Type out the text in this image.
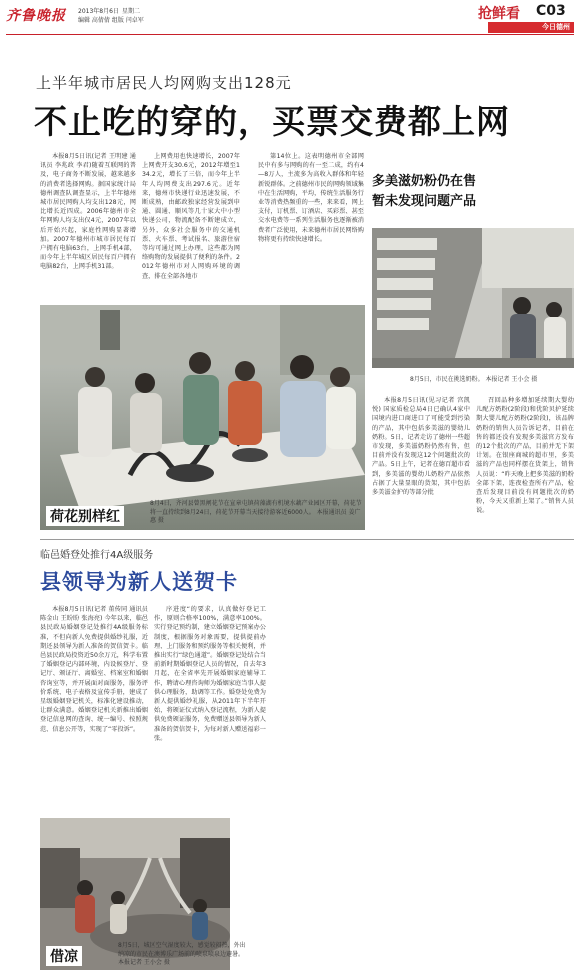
齐鲁晚报 2013年8月6日 星期二
编辑 高倩倩 组版 闫卓军	抢鲜看 C03
今日德州
上半年城市居民人均网购支出128元
不止吃的穿的，买票交费都上网

本报8月5日讯(记者 王明建 通讯员 李兆政 李君)随着互联网的普及，电子商务不断发展，越来越多的消费者选择网购。据国家统计局德州调查队调查显示，上半年德州城市居民网购人均支出128元，网比增长近四成。2006年德州市全年网购人均支出仅4元，2007年以后开始兴起，家庭性网购显著增加。2007年德州市城市居民每百户拥有电脑63台，上网手机4部，而今年上半年城区居民每百户拥有电脑82台，上网手机31部。

上网费用也快速增长，2007年上网费开支30.6元，2012年增至134.2元，增长了三倍，而今年上半年人均网费支出297.6元。近年来，德州市快递行业迅速发展，不断成熟，由邮政独家经营发展到申通、圆通、顺风等几十家大中小型快递公司，物流配备不断建成立，另外，众多社会服务中的交通机票、火车票、考试报名、旅游住宿等均可通过网上办理，这些都为网络购物的发展提供了便利的条件。2012年德州市对人网购环境的调查，排在全部各地市

第14位上。这表明德州市全部网民中有多与网购的有一至二成，约有4—8万人，主流多为高收入群体和年轻新锐群体。之前德州市民的网购领域集中在生活网购，平均，传统生活服务行业等消费热频重的一些，来来看，网上支付，订机票、订酒店、买彩票、甚至交水电费等一系列生活服务也逐渐被消费者广泛使用，未来德州市居民网络购物将更有持续快速增长。

荷花别样红
8月4日，齐河县曾黑闸花节在宣章屯镇荷藻湖有机境水藕产业园区开幕，荷花节将一直持续到8月24日，荷花节开幕当天接待游客近6000人。 本报通讯员 姜广惠 摄
多美滋奶粉仍在售
暂未发现问题产品
8月5日，市民在挑选奶粉。 本报记者 王小会 摄

本报8月5日讯(见习记者 宫凯悦) 国家质检总局4日已确认4家中国境内进口商进口了可能受到污染的产品，其中包括多美滋的婴幼儿奶粉。5日，记者走访了德州一些超市发现，多美滋奶粉仍然有售，但目前并没有发现这12个问题批次的产品。5日上午，记者在德百超市看到，多美滋的婴幼儿奶粉产品依然占据了大量显眼的货架，其中包括多美滋金护的等部分批

召回品种多增加延续期大婴幼儿配方奶粉(2阶段)和优阶贝护延续期大婴儿配方奶粉(2阶段)，该品牌奶粉的销售人员告诉记者，目前在售的都还没有发现多美滋官方发布的12个批次的产品，目前并无下架计划。在银座商城的超市里，多美滋的产品也同样摆在货架上，销售人员说：“昨天晚上把多美滋的奶粉全部下架，连夜检查所有产品，检查后发现目前没有问题批次的奶粉，今天又重新上架了。”销售人员说。

临邑婚登处推行4A级服务
县领导为新人送贺卡

本报8月5日讯(记者 董传同 通讯员 陈金山 王盼盼 张海亮) 今年以来，临邑县民政局婚姻登记处推行4A级服务标准，不但向新人免费提供婚纱礼服，近期还县领导为新人准备的贺信贺卡。临邑县民政局投资近50余万元，科学布置了婚姻登记内部环境，内设候登厅、登记厅、颁证厅、离婚室、档案室和婚姻咨询室等，并开展面对面服务，服务评价系统、电子表格及宣传手册，建成了星级婚姻登记机关，标准化建设推动，让群众满意。婚姻登记机关新推出婚姻登记信息网的查询、统一编号、按照规范、信息公开等，实现了“零投诉”。

序进度“的要求，认真做好登记工作，原则合格率100%，满意率100%。实行登记预约制，建立婚姻登记预案办公制度，根据服务对象需要，提供提前办理、上门服务和预约服务等相关便利，并推出实行“绿色通道”。婚姻登记处结合当前新时期婚姻登记人员的情况，自去年3月起，在全省率先开展婚姻家庭辅导工作，聘请心理咨询师为婚姻家庭当事人提供心理服务，助调等工作。婚登处免费为新人提供婚纱礼服，从2011年下半年开始，将颁证仪式纳入登记流程，为新人提供免费颁证服务，免费赠送县领导为新人准备的贺信贺卡，为每对新人赠送福彩一张。

借凉
8月5日，城区空气湿度较大，感觉较闷热，外出纳凉的市民在澳博乐广场前的喷泉喷泉边避暑。 本报记者 王小会 摄
